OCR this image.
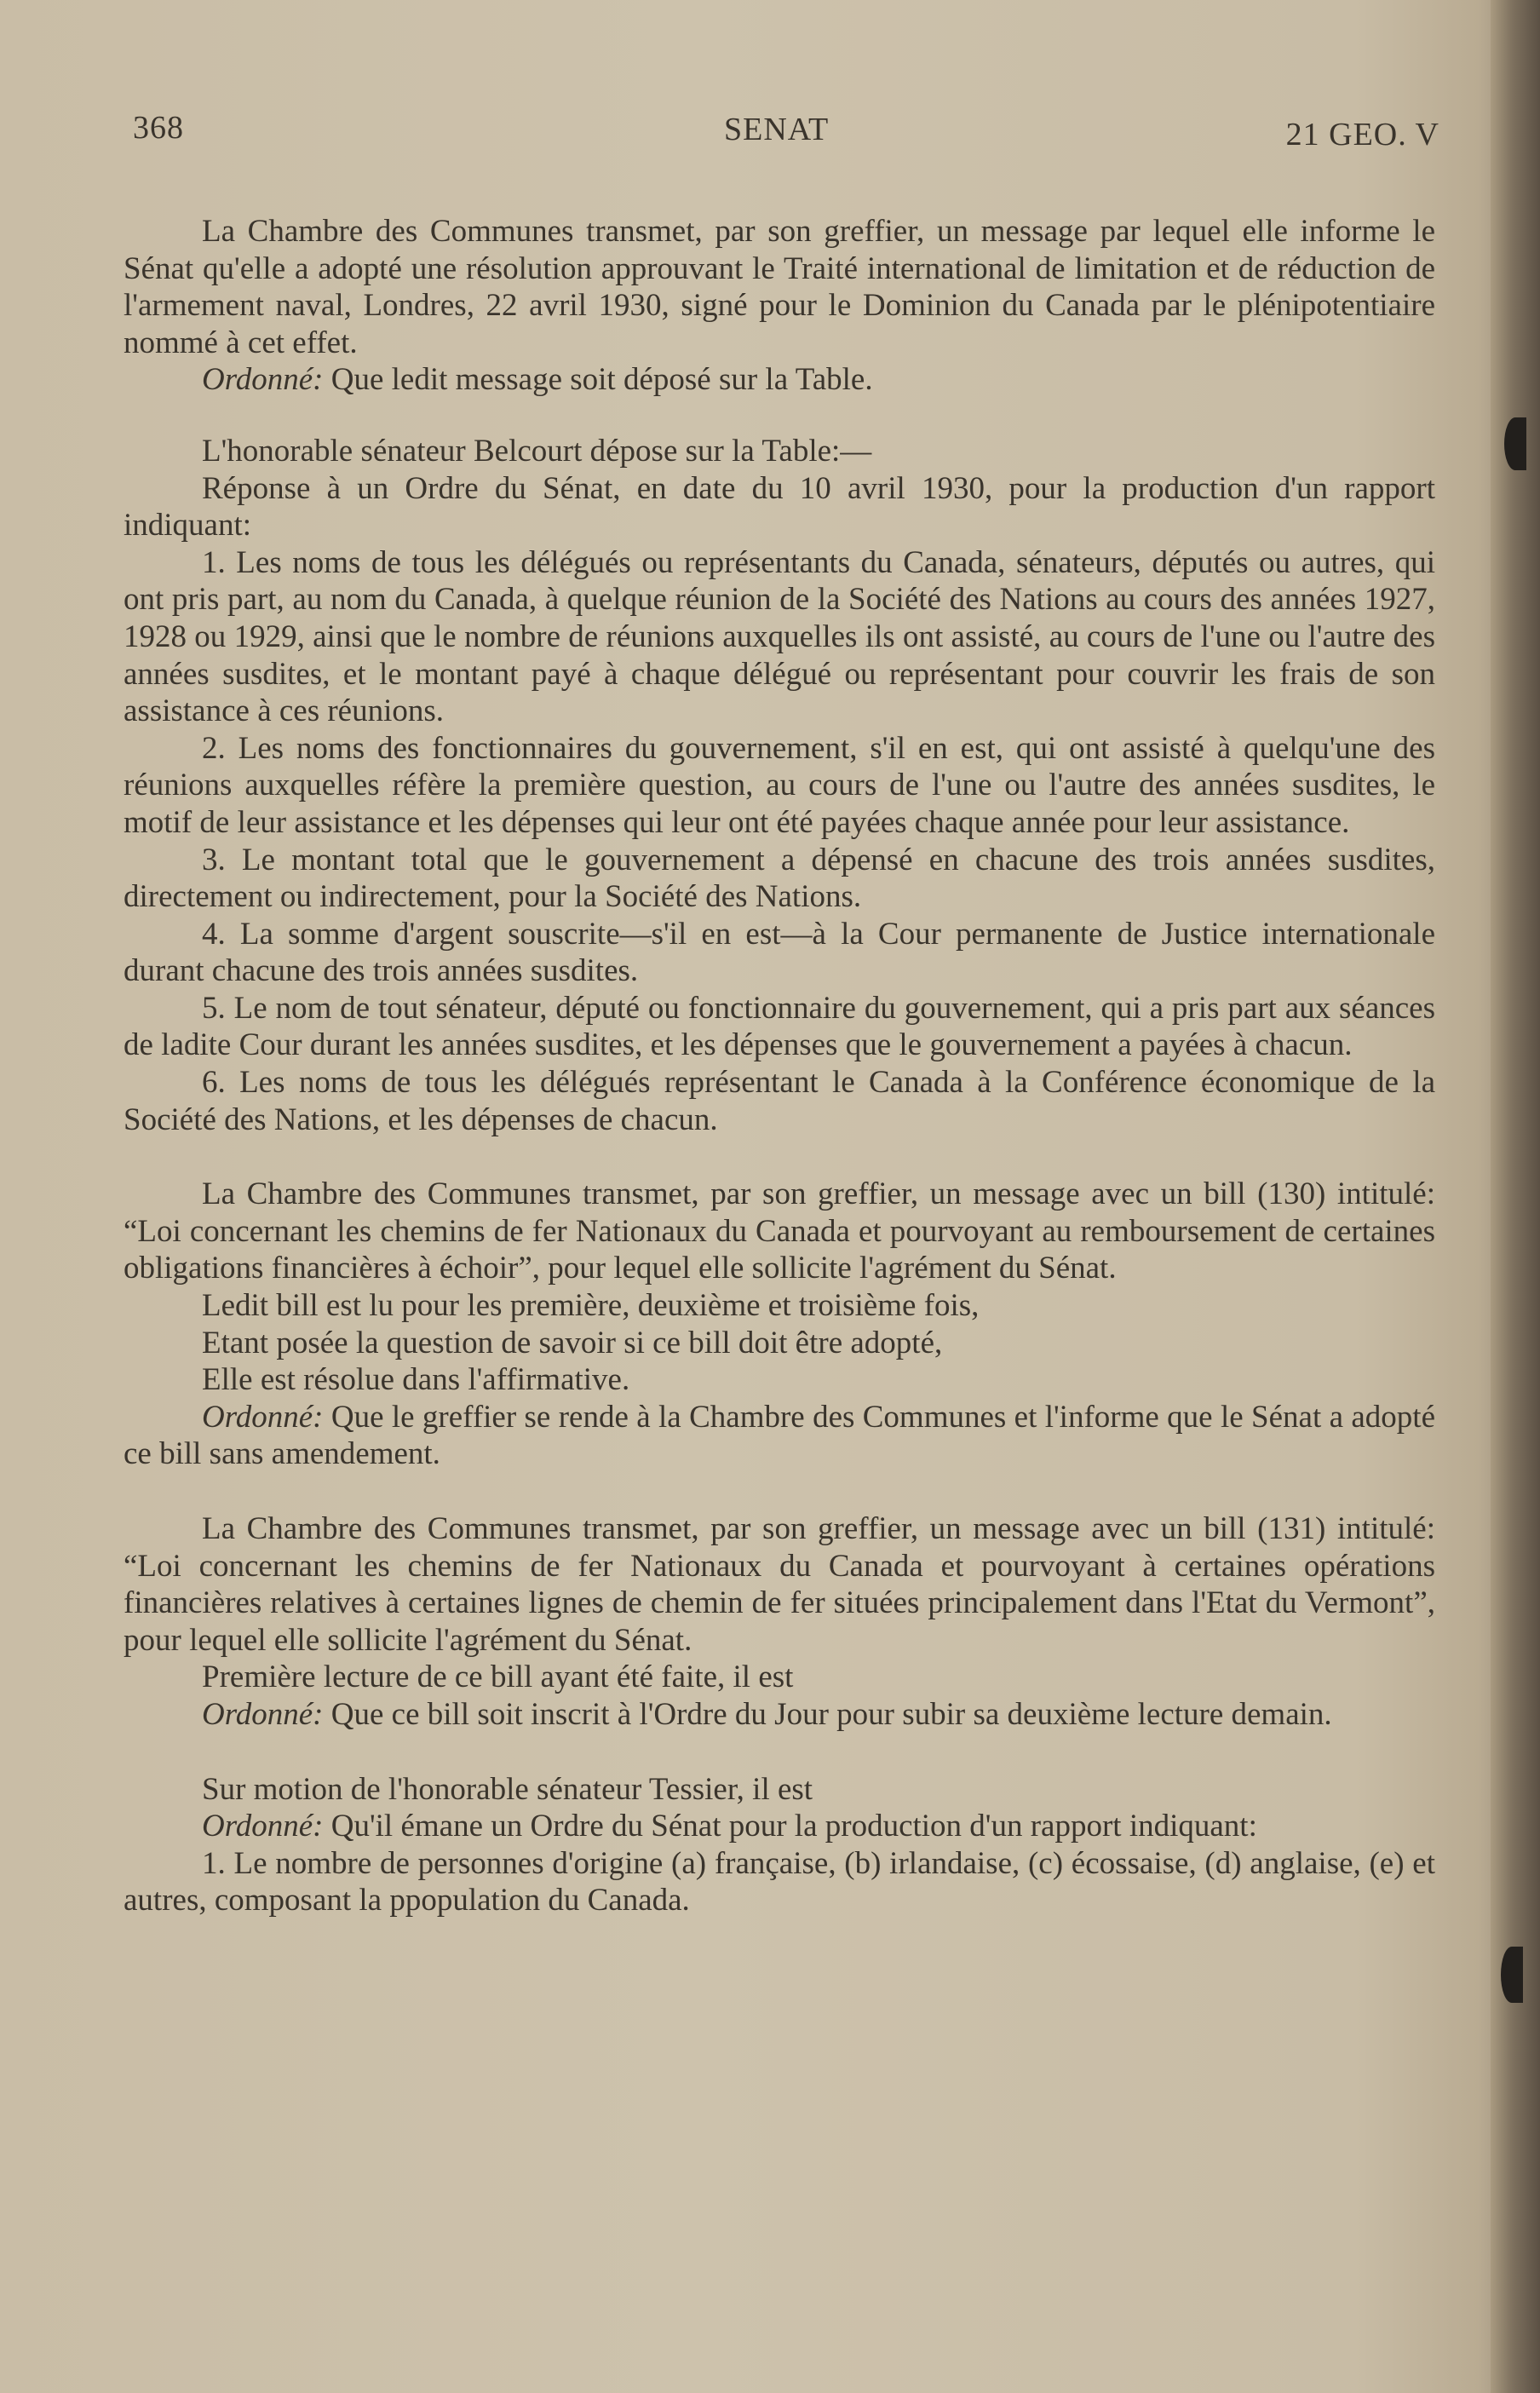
368	SENAT	21 GEO. V

La Chambre des Communes transmet, par son greffier, un message par lequel elle informe le Sénat qu'elle a adopté une résolution approuvant le Traité international de limitation et de réduction de l'armement naval, Londres, 22 avril 1930, signé pour le Dominion du Canada par le plénipotentiaire nommé à cet effet.

Ordonné: Que ledit message soit déposé sur la Table.

L'honorable sénateur Belcourt dépose sur la Table:—

Réponse à un Ordre du Sénat, en date du 10 avril 1930, pour la production d'un rapport indiquant:

1. Les noms de tous les délégués ou représentants du Canada, sénateurs, députés ou autres, qui ont pris part, au nom du Canada, à quelque réunion de la Société des Nations au cours des années 1927, 1928 ou 1929, ainsi que le nombre de réunions auxquelles ils ont assisté, au cours de l'une ou l'autre des années susdites, et le montant payé à chaque délégué ou représentant pour couvrir les frais de son assistance à ces réunions.

2. Les noms des fonctionnaires du gouvernement, s'il en est, qui ont assisté à quelqu'une des réunions auxquelles réfère la première question, au cours de l'une ou l'autre des années susdites, le motif de leur assistance et les dépenses qui leur ont été payées chaque année pour leur assistance.

3. Le montant total que le gouvernement a dépensé en chacune des trois années susdites, directement ou indirectement, pour la Société des Nations.

4. La somme d'argent souscrite—s'il en est—à la Cour permanente de Justice internationale durant chacune des trois années susdites.

5. Le nom de tout sénateur, député ou fonctionnaire du gouvernement, qui a pris part aux séances de ladite Cour durant les années susdites, et les dépenses que le gouvernement a payées à chacun.

6. Les noms de tous les délégués représentant le Canada à la Conférence économique de la Société des Nations, et les dépenses de chacun.

La Chambre des Communes transmet, par son greffier, un message avec un bill (130) intitulé: “Loi concernant les chemins de fer Nationaux du Canada et pourvoyant au remboursement de certaines obligations financières à échoir”, pour lequel elle sollicite l'agrément du Sénat.

Ledit bill est lu pour les première, deuxième et troisième fois,

Etant posée la question de savoir si ce bill doit être adopté,

Elle est résolue dans l'affirmative.

Ordonné: Que le greffier se rende à la Chambre des Communes et l'informe que le Sénat a adopté ce bill sans amendement.

La Chambre des Communes transmet, par son greffier, un message avec un bill (131) intitulé: “Loi concernant les chemins de fer Nationaux du Canada et pourvoyant à certaines opérations financières relatives à certaines lignes de chemin de fer situées principalement dans l'Etat du Vermont”, pour lequel elle sollicite l'agrément du Sénat.

Première lecture de ce bill ayant été faite, il est

Ordonné: Que ce bill soit inscrit à l'Ordre du Jour pour subir sa deuxième lecture demain.

Sur motion de l'honorable sénateur Tessier, il est

Ordonné: Qu'il émane un Ordre du Sénat pour la production d'un rapport indiquant:

1. Le nombre de personnes d'origine (a) française, (b) irlandaise, (c) écossaise, (d) anglaise, (e) et autres, composant la ppopulation du Canada.
